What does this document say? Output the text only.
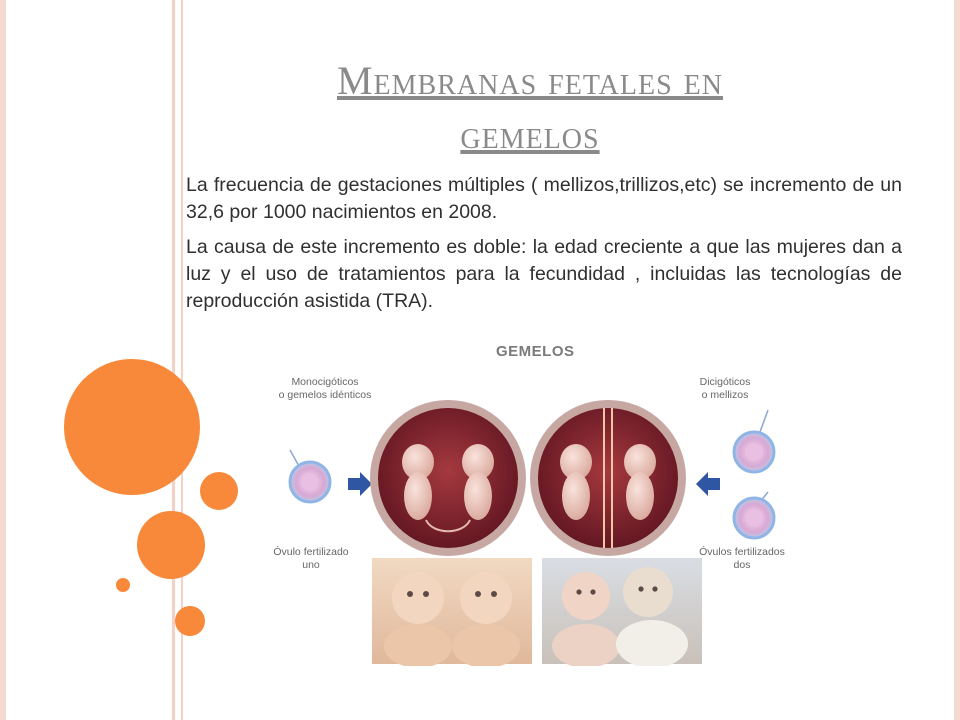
Membranas fetales en
gemelos

La frecuencia de gestaciones múltiples ( mellizos,trillizos,etc) se incremento de un 32,6 por 1000 nacimientos en 2008.

La causa de este incremento es doble: la edad creciente a que las mujeres dan a luz y el uso de tratamientos para la fecundidad , incluidas las tecnologías de reproducción asistida (TRA).

GEMELOS
Monocigóticos
o gemelos idénticos
Dicigóticos
o mellizos
Óvulo fertilizado
uno
Óvulos fertilizados
dos
